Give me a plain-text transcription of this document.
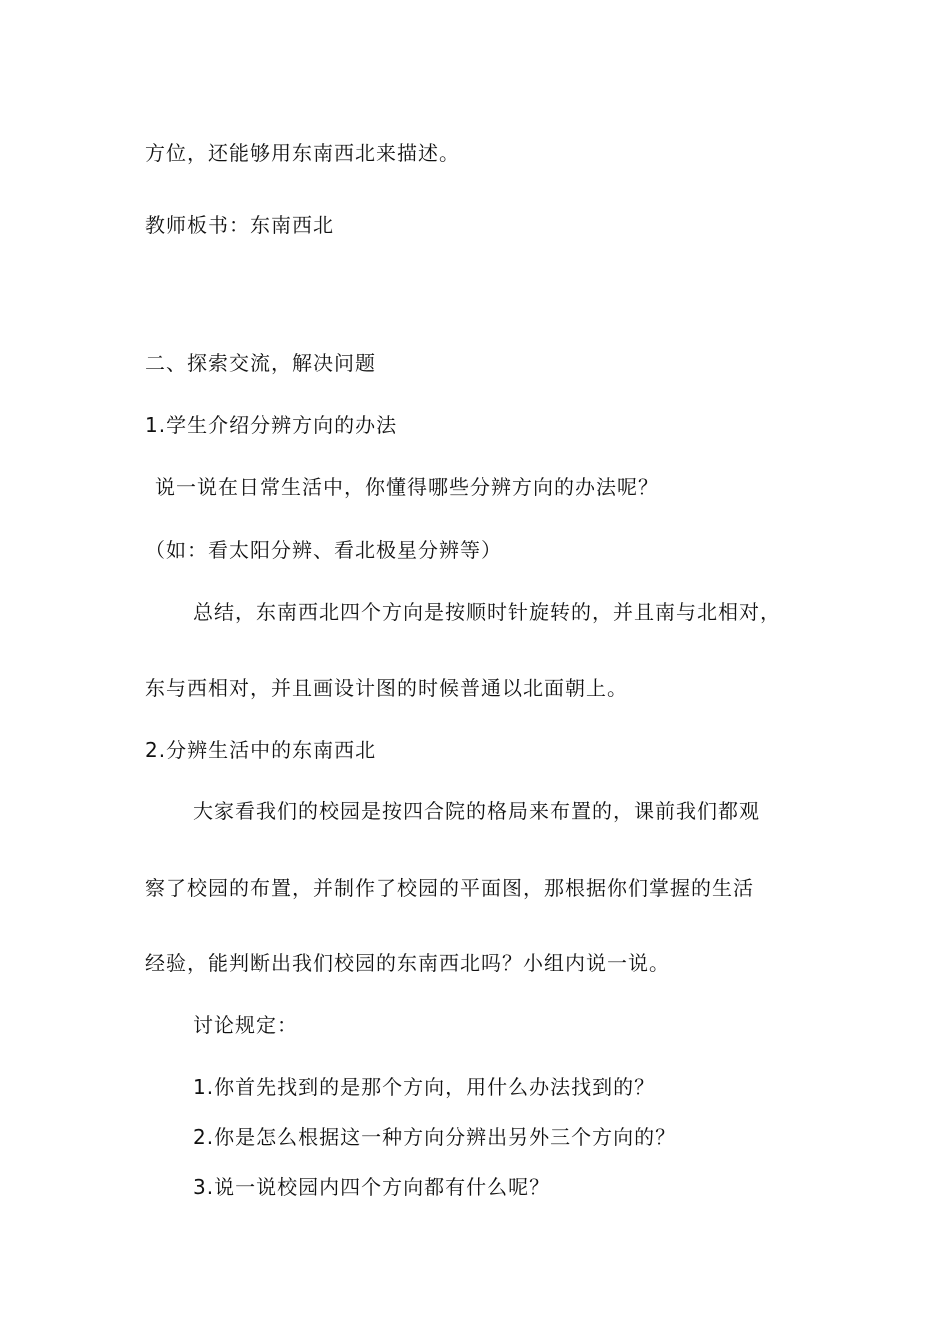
方位，还能够用东南西北来描述。
教师板书：东南西北
二、探索交流，解决问题
1.学生介绍分辨方向的办法
说一说在日常生活中，你懂得哪些分辨方向的办法呢？
（如：看太阳分辨、看北极星分辨等）
总结，东南西北四个方向是按顺时针旋转的，并且南与北相对，
东与西相对，并且画设计图的时候普通以北面朝上。
2.分辨生活中的东南西北
大家看我们的校园是按四合院的格局来布置的，课前我们都观
察了校园的布置，并制作了校园的平面图，那根据你们掌握的生活
经验，能判断出我们校园的东南西北吗？小组内说一说。
讨论规定：
1.你首先找到的是那个方向，用什么办法找到的？
2.你是怎么根据这一种方向分辨出另外三个方向的？
3.说一说校园内四个方向都有什么呢？
